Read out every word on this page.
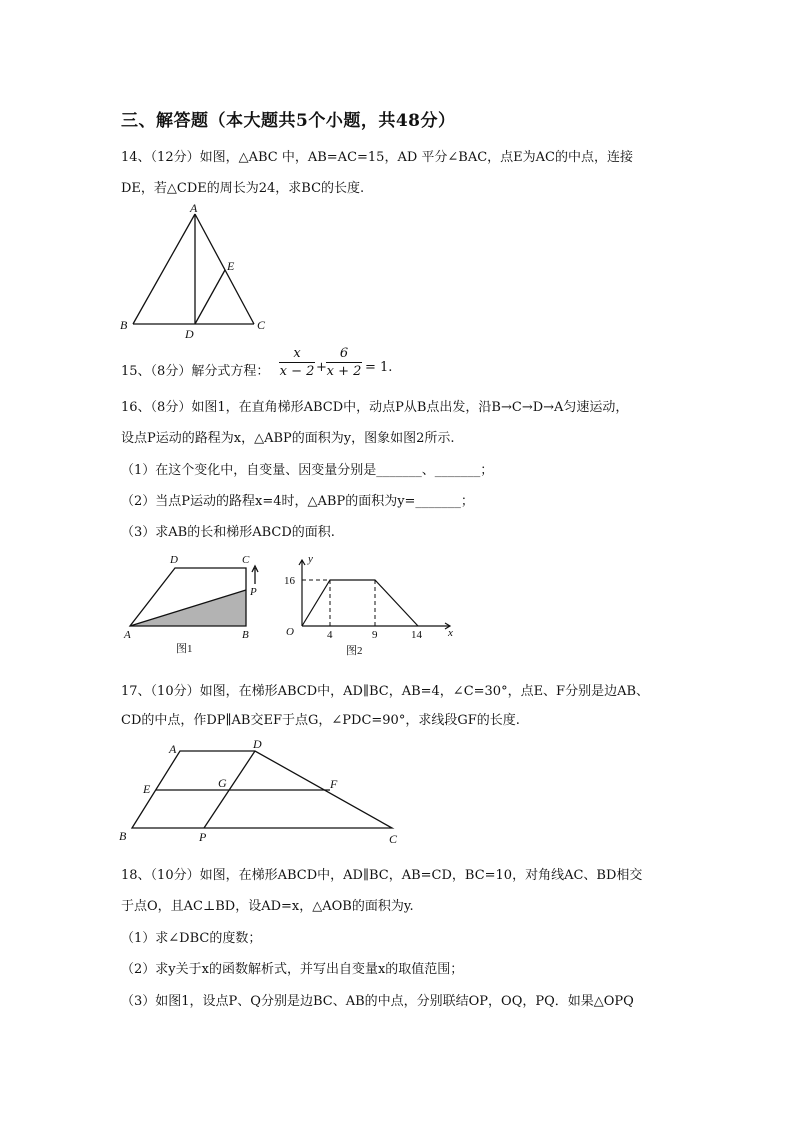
三、解答题（本大题共5个小题，共48分）
14、（12分）如图，△ABC 中，AB=AC=15，AD 平分∠BAC，点E为AC的中点，连接
DE，若△CDE的周长为24，求BC的长度.
A
B	C
D
E
15、（8分）解分式方程：
x
x − 2 +
6
x + 2 = 1.
16、（8分）如图1，在直角梯形ABCD中，动点P从B点出发，沿B→C→D→A匀速运动，
设点P运动的路程为x，△ABP的面积为y，图象如图2所示.
（1）在这个变化中，自变量、因变量分别是_______、_______；
（2）当点P运动的路程x=4时，△ABP的面积为y=_______；
（3）求AB的长和梯形ABCD的面积.
D	C
P
A	B
图1
y
x
O
16
4	9	14
图2
17、（10分）如图，在梯形ABCD中，AD∥BC，AB=4，∠C=30°，点E、F分别是边AB、
CD的中点，作DP∥AB交EF于点G，∠PDC=90°，求线段GF的长度.
A	D
E	G	F
B	P	C
18、（10分）如图，在梯形ABCD中，AD∥BC，AB=CD，BC=10，对角线AC、BD相交
于点O，且AC⊥BD，设AD=x，△AOB的面积为y.
（1）求∠DBC的度数；
（2）求y关于x的函数解析式，并写出自变量x的取值范围；
（3）如图1，设点P、Q分别是边BC、AB的中点，分别联结OP，OQ，PQ．如果△OPQ
